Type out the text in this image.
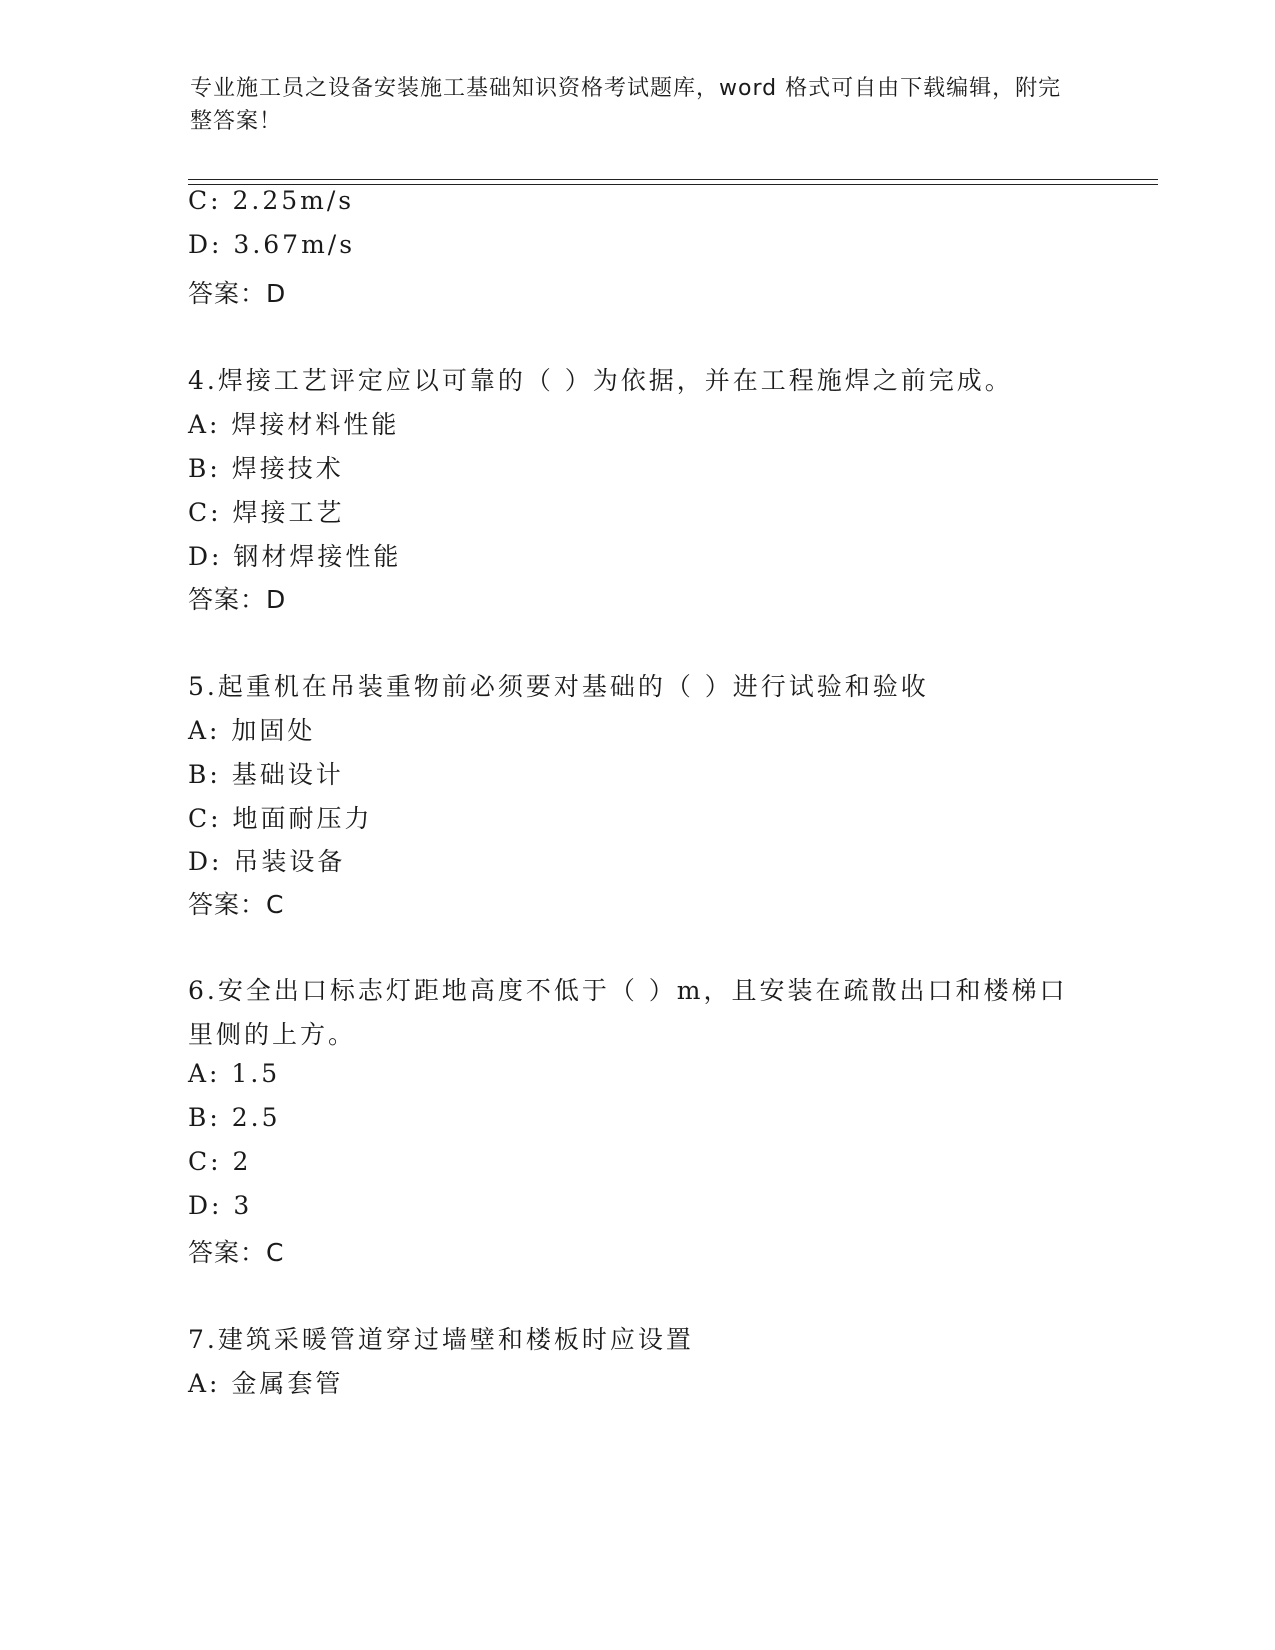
专业施工员之设备安装施工基础知识资格考试题库，word 格式可自由下载编辑，附完整答案！
C: 2.25m/s
D: 3.67m/s
答案：D
4.焊接工艺评定应以可靠的（ ）为依据，并在工程施焊之前完成。
A: 焊接材料性能
B: 焊接技术
C: 焊接工艺
D: 钢材焊接性能
答案：D
5.起重机在吊装重物前必须要对基础的（ ）进行试验和验收
A: 加固处
B: 基础设计
C: 地面耐压力
D: 吊装设备
答案：C
6.安全出口标志灯距地高度不低于（ ）m，且安装在疏散出口和楼梯口里侧的上方。
A: 1.5
B: 2.5
C: 2
D: 3
答案：C
7.建筑采暖管道穿过墙壁和楼板时应设置
A: 金属套管
